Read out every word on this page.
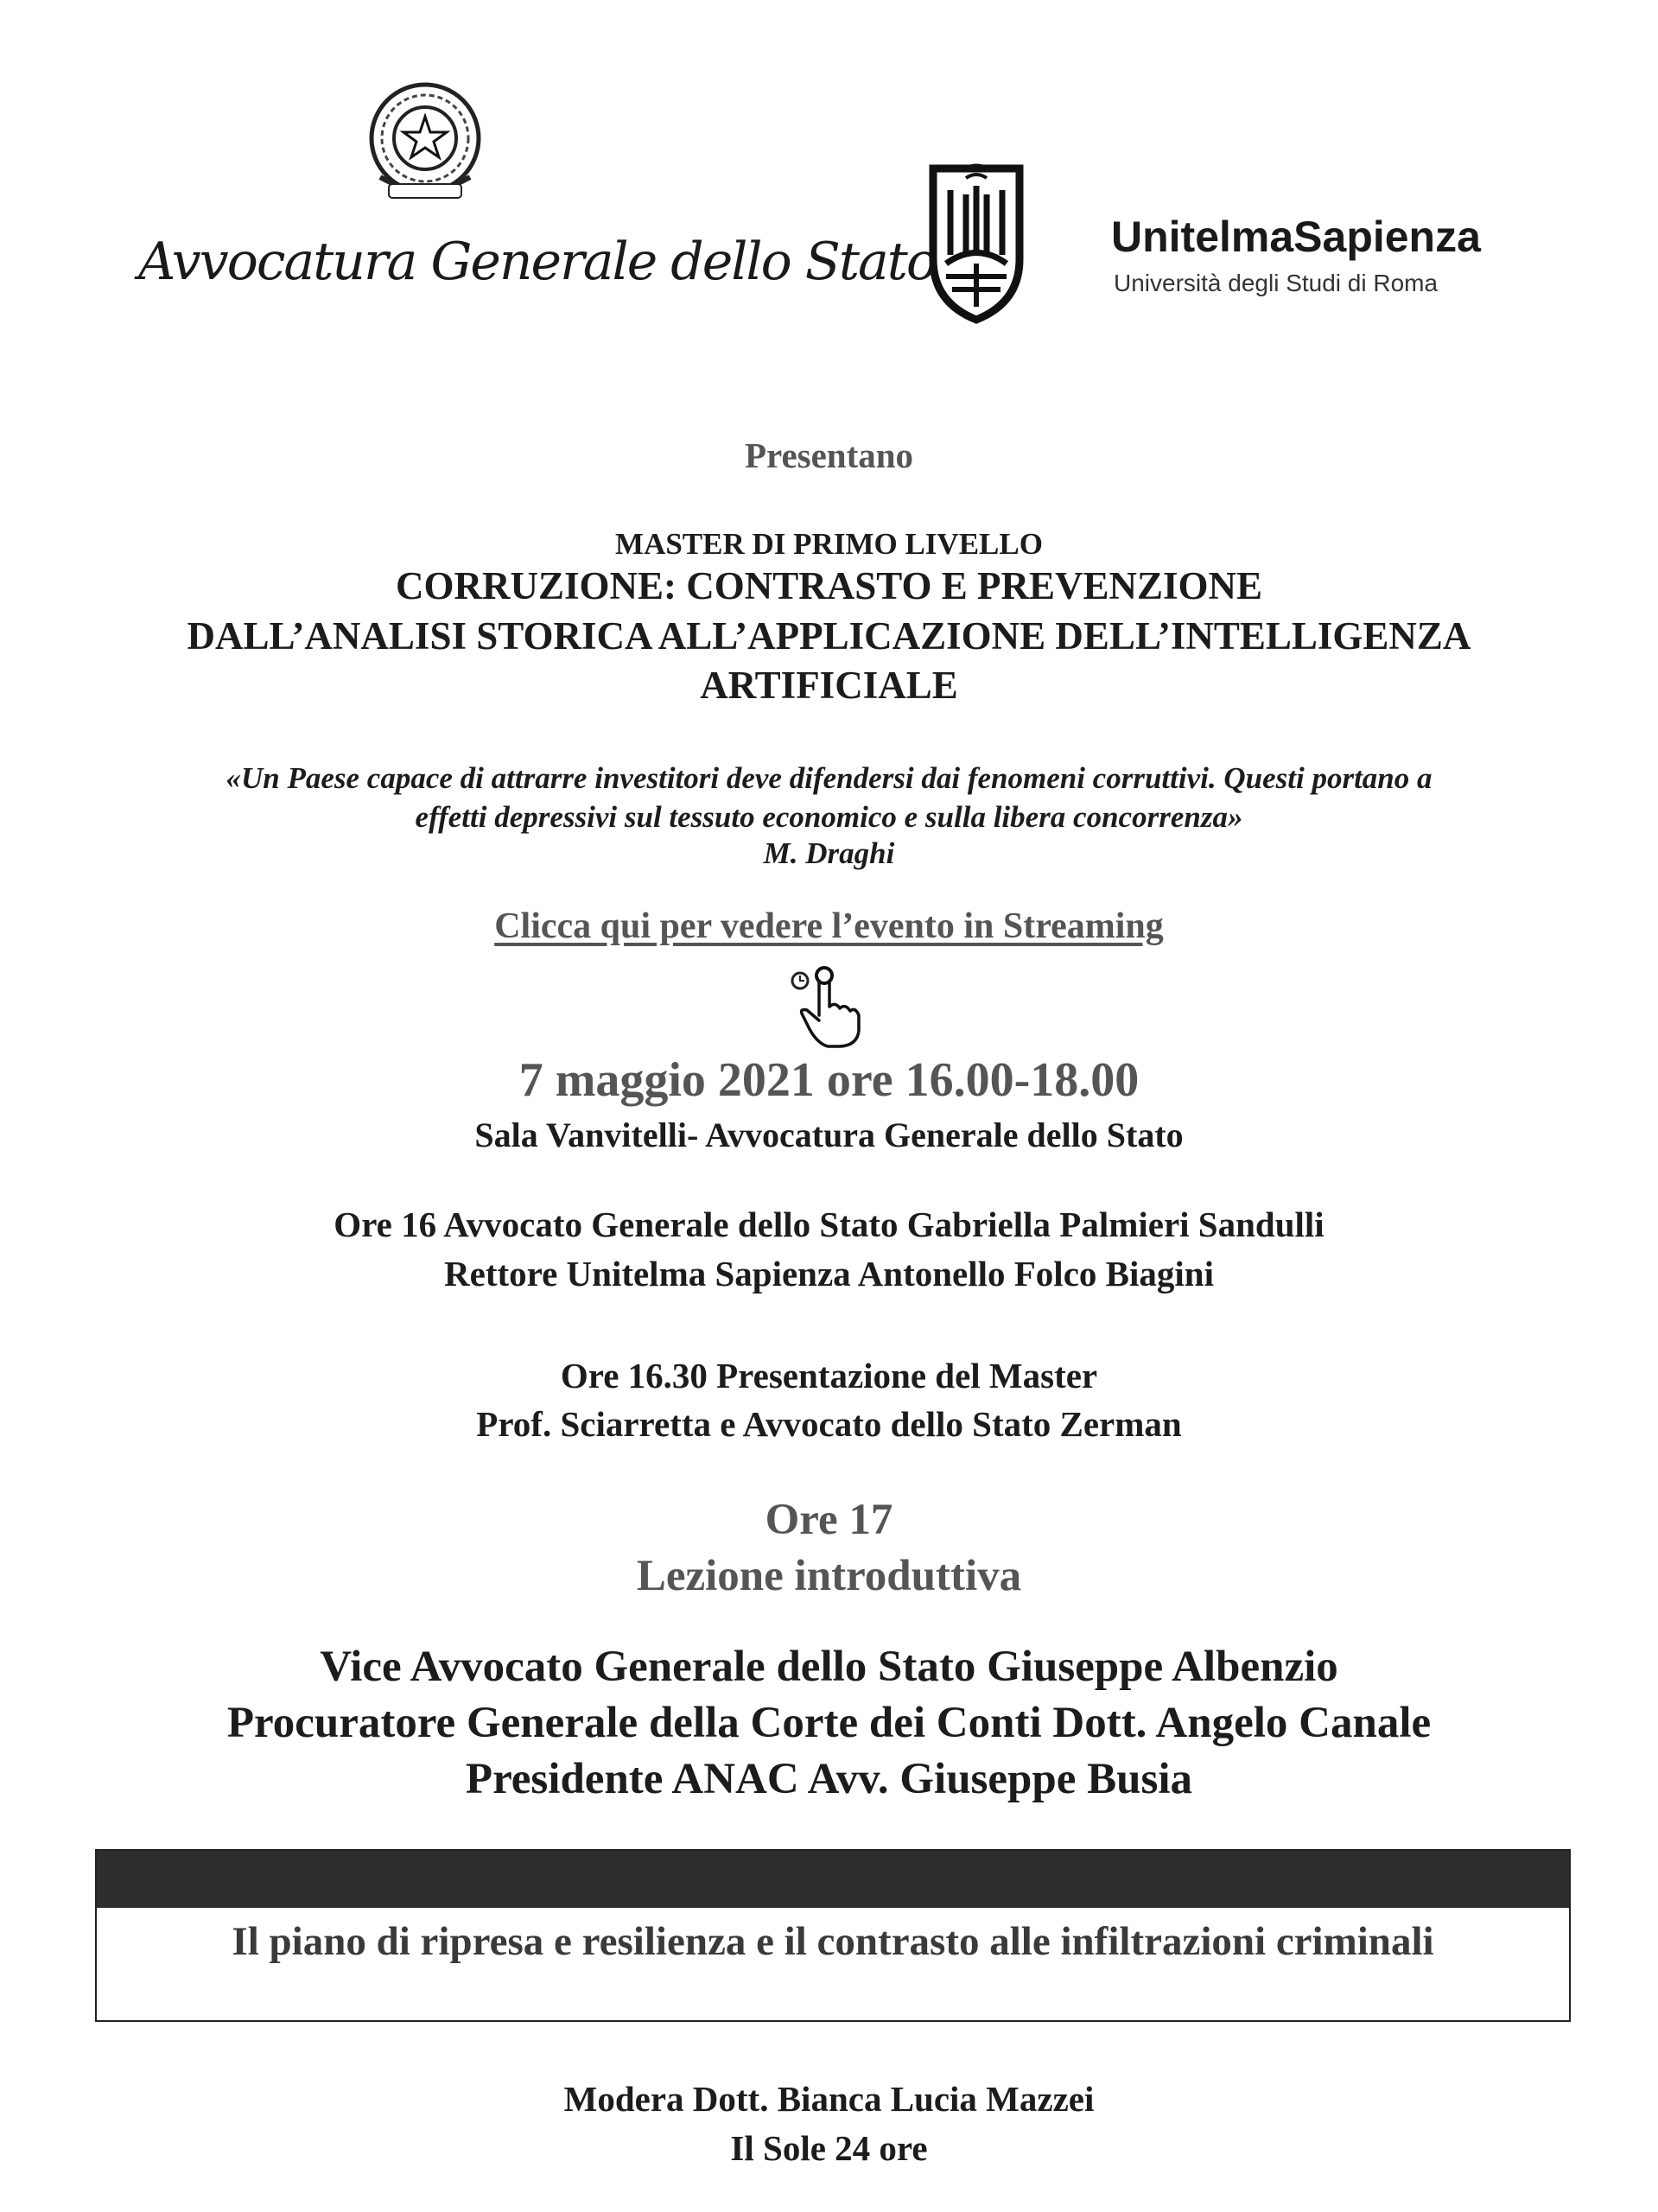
Avvocatura Generale dello Stato	UnitelmaSapienza
Università degli Studi di Roma
Presentano
MASTER DI PRIMO LIVELLO
CORRUZIONE: CONTRASTO E PREVENZIONE
DALL’ANALISI STORICA ALL’APPLICAZIONE DELL’INTELLIGENZA
ARTIFICIALE
«Un Paese capace di attrarre investitori deve difendersi dai fenomeni corruttivi. Questi portano a
effetti depressivi sul tessuto economico e sulla libera concorrenza»
M. Draghi
Clicca qui per vedere l’evento in Streaming
7 maggio 2021 ore 16.00-18.00
Sala Vanvitelli- Avvocatura Generale dello Stato
Ore 16 Avvocato Generale dello Stato Gabriella Palmieri Sandulli
Rettore Unitelma Sapienza Antonello Folco Biagini
Ore 16.30 Presentazione del Master
Prof. Sciarretta e Avvocato dello Stato Zerman
Ore 17
Lezione introduttiva
Vice Avvocato Generale dello Stato Giuseppe Albenzio
Procuratore Generale della Corte dei Conti Dott. Angelo Canale
Presidente ANAC Avv. Giuseppe Busia
Il piano di ripresa e resilienza e il contrasto alle infiltrazioni criminali
Modera Dott. Bianca Lucia Mazzei
Il Sole 24 ore
